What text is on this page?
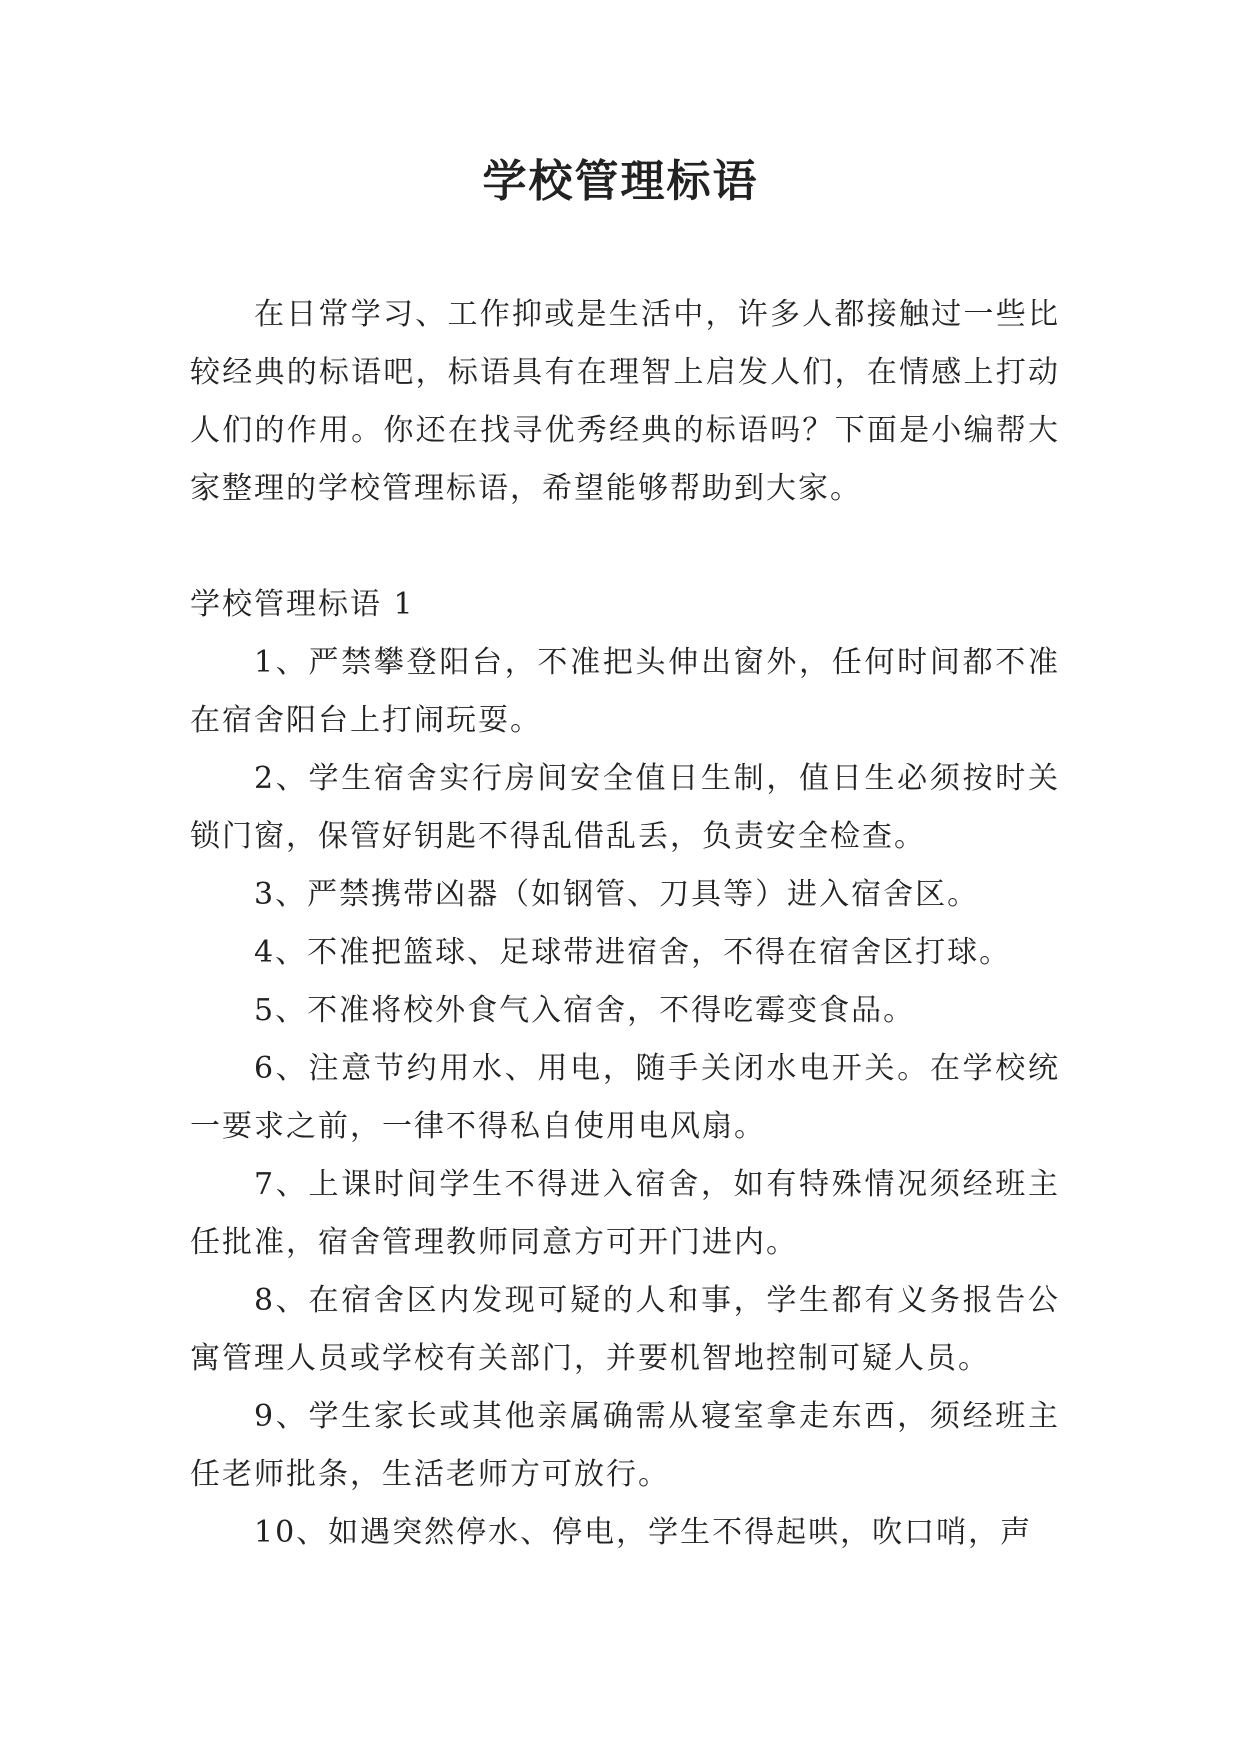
学校管理标语

在日常学习、工作抑或是生活中，许多人都接触过一些比较经典的标语吧，标语具有在理智上启发人们，在情感上打动人们的作用。你还在找寻优秀经典的标语吗？下面是小编帮大家整理的学校管理标语，希望能够帮助到大家。

学校管理标语 1

1、严禁攀登阳台，不准把头伸出窗外，任何时间都不准在宿舍阳台上打闹玩耍。
2、学生宿舍实行房间安全值日生制，值日生必须按时关锁门窗，保管好钥匙不得乱借乱丢，负责安全检查。
3、严禁携带凶器（如钢管、刀具等）进入宿舍区。
4、不准把篮球、足球带进宿舍，不得在宿舍区打球。
5、不准将校外食气入宿舍，不得吃霉变食品。
6、注意节约用水、用电，随手关闭水电开关。在学校统一要求之前，一律不得私自使用电风扇。
7、上课时间学生不得进入宿舍，如有特殊情况须经班主任批准，宿舍管理教师同意方可开门进内。
8、在宿舍区内发现可疑的人和事，学生都有义务报告公寓管理人员或学校有关部门，并要机智地控制可疑人员。
9、学生家长或其他亲属确需从寝室拿走东西，须经班主任老师批条，生活老师方可放行。
10、如遇突然停水、停电，学生不得起哄，吹口哨，声
